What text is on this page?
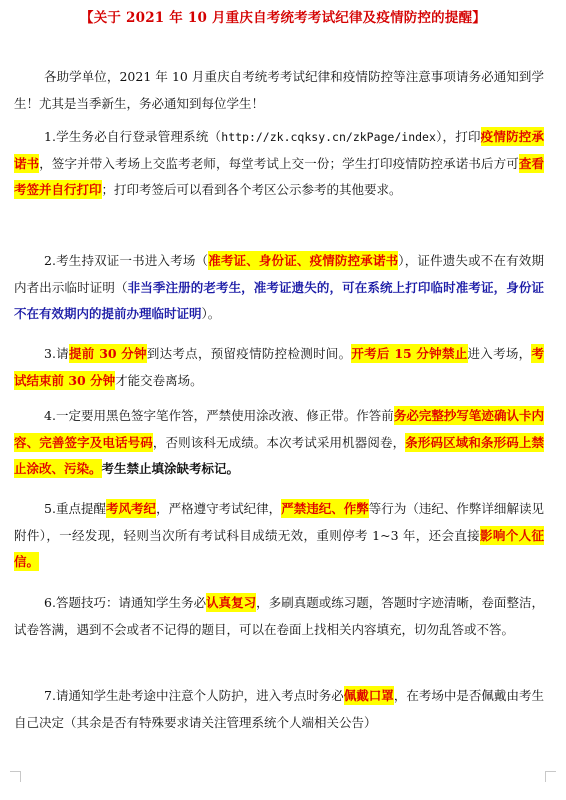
【关于 2021 年 10 月重庆自考统考考试纪律及疫情防控的提醒】

各助学单位，2021 年 10 月重庆自考统考考试纪律和疫情防控等注意事项请务必通知到学生！尤其是当季新生，务必通知到每位学生！

1.学生务必自行登录管理系统（http://zk.cqksy.cn/zkPage/index），打印疫情防控承诺书，签字并带入考场上交监考老师，每堂考试上交一份；学生打印疫情防控承诺书后方可查看考签并自行打印；打印考签后可以看到各个考区公示参考的其他要求。

2.考生持双证一书进入考场（准考证、身份证、疫情防控承诺书），证件遗失或不在有效期内者出示临时证明（非当季注册的老考生，准考证遗失的，可在系统上打印临时准考证，身份证不在有效期内的提前办理临时证明）。

3.请提前 30 分钟到达考点，预留疫情防控检测时间。开考后 15 分钟禁止进入考场，考试结束前 30 分钟才能交卷离场。

4.一定要用黑色签字笔作答，严禁使用涂改液、修正带。作答前务必完整抄写笔迹确认卡内容、完善签字及电话号码，否则该科无成绩。本次考试采用机器阅卷，条形码区域和条形码上禁止涂改、污染。考生禁止填涂缺考标记。

5.重点提醒考风考纪，严格遵守考试纪律，严禁违纪、作弊等行为（违纪、作弊详细解读见附件），一经发现，轻则当次所有考试科目成绩无效，重则停考 1~3 年，还会直接影响个人征信。

6.答题技巧：请通知学生务必认真复习，多刷真题或练习题，答题时字迹清晰，卷面整洁，试卷答满，遇到不会或者不记得的题目，可以在卷面上找相关内容填充，切勿乱答或不答。

7.请通知学生赴考途中注意个人防护，进入考点时务必佩戴口罩，在考场中是否佩戴由考生自己决定（其余是否有特殊要求请关注管理系统个人端相关公告）
